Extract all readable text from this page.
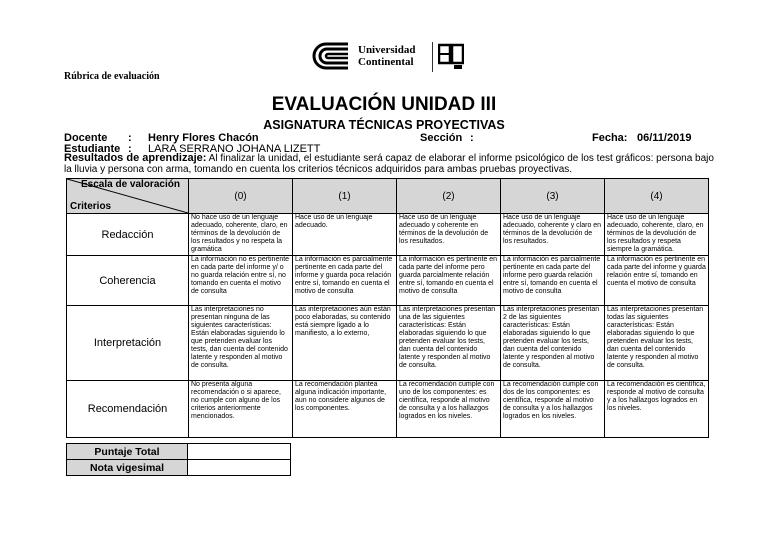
Universidad
Continental
Rúbrica de evaluación
EVALUACIÓN UNIDAD III
ASIGNATURA TÉCNICAS PROYECTIVAS
Docente : Henry Flores Chacón	Sección :	Fecha: 06/11/2019
Estudiante : LARA SERRANO JOHANA LIZETT
Resultados de aprendizaje: Al finalizar la unidad, el estudiante será capaz de elaborar el informe psicológico de los test gráficos: persona bajo la lluvia y persona con arma, tomando en cuenta los criterios técnicos adquiridos para ambas pruebas proyectivas.
Escala de valoración
Criterios	(0)	(1)	(2)	(3)	(4)
Redacción	No hace uso de un lenguaje adecuado, coherente, claro, en términos de la devolución de los resultados y no respeta la gramática	Hace uso de un lenguaje adecuado.	Hace uso de un lenguaje adecuado y coherente en términos de la devolución de los resultados.	Hace uso de un lenguaje adecuado, coherente y claro en términos de la devolución de los resultados.	Hace uso de un lenguaje adecuado, coherente, claro, en términos de la devolución de los resultados y respeta siempre la gramática.
Coherencia	La información no es pertinente en cada parte del informe y/ o no guarda relación entre sí, no tomando en cuenta el motivo de consulta	La información es parcialmente pertinente en cada parte del informe y guarda poca relación entre sí, tomando en cuenta el motivo de consulta	La información es pertinente en cada parte del informe pero guarda parcialmente relación entre sí, tomando en cuenta el motivo de consulta	La información es parcialmente pertinente en cada parte del informe pero guarda relación entre sí, tomando en cuenta el motivo de consulta	La información es pertinente en cada parte del informe y guarda relación entre sí, tomando en cuenta el motivo de consulta
Interpretación	Las interpretaciones no presentan ninguna de las siguientes características: Están elaboradas siguiendo lo que pretenden evaluar los tests, dan cuenta del contenido latente y responden al motivo de consulta.	Las interpretaciones aún están poco elaboradas, su contenido está siempre ligado a lo manifiesto, a lo externo,	Las interpretaciones presentan una de las siguientes características: Están elaboradas siguiendo lo que pretenden evaluar los tests, dan cuenta del contenido latente y responden al motivo de consulta.	Las interpretaciones presentan 2 de las siguientes características: Están elaboradas siguiendo lo que pretenden evaluar los tests, dan cuenta del contenido latente y responden al motivo de consulta.	Las interpretaciones presentan todas las siguientes características: Están elaboradas siguiendo lo que pretenden evaluar los tests, dan cuenta del contenido latente y responden al motivo de consulta.
Recomendación	No presenta alguna recomendación o si aparece, no cumple con alguno de los criterios anteriormente mencionados.	La recomendación plantea alguna indicación importante, aun no considere algunos de los componentes.	La recomendación cumple con uno de los componentes: es científica, responde al motivo de consulta y a los hallazgos logrados en los niveles.	La recomendación cumple con dos de los componentes: es científica, responde al motivo de consulta y a los hallazgos logrados en los niveles.	La recomendación es científica, responde al motivo de consulta y a los hallazgos logrados en los niveles.
Puntaje Total	
Nota vigesimal	
